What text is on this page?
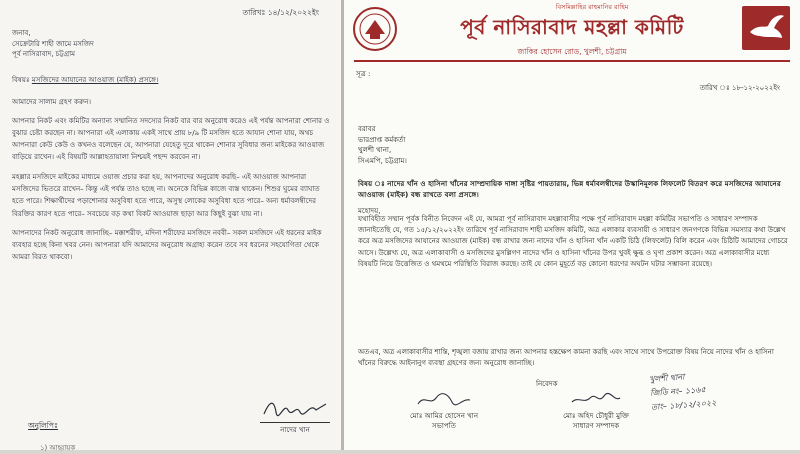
তারিখঃ ১৪/১২/২০২২ইং
জনাব,
সেক্রেটারি শাহী জামে মসজিদ
পূর্ব নাসিরাবাদ, চট্টগ্রাম
বিষয়ঃ মসজিদের আযানের আওয়াজ (মাইক) প্রসঙ্গে।
আমাদের সালাম গ্রহণ করুন।
আপনার নিকট এবং কমিটির অন্যান্য সম্মানিত সদস্যের নিকট বার বার অনুরোধ করেও এই পর্যন্ত আপনারা শোনার ও বুঝার চেষ্টা করছেন না। আপনারা এই এলাকায় একই সাথে প্রায় ৮/৯ টি মসজিদ হতে আযান শোনা যায়, অথচ আপনারা কেউ কেউ ও কখনও বলেছেন যে, আপনারা যেহেতু দূরে থাকেন শোনার সুবিধার জন্য মাইকের আওয়াজ বাড়িয়ে রাখেন। এই বিষয়টি আল্লাহতায়ালা নিশ্চয়ই পছন্দ করবেন না।
মহল্লার মসজিদে মাইকের মাধ্যমে ওয়াজ প্রচার করা হয়, আপনাদের অনুরোধ করছি– এই আওয়াজ আপনারা মসজিদের ভিতরে রাখেন– কিন্তু এই পর্যন্ত তাও হচ্ছে না। অনেকে বিভিন্ন কাজে ব্যস্ত থাকেন। শিশুর ঘুমের ব্যাঘাত হতে পারে। শিক্ষার্থীদের পড়াশোনার অসুবিধা হতে পারে, অসুস্থ লোকের অসুবিধা হতে পারে– অন্য ধর্মাবলম্বীদের বিরক্তির কারণ হতে পারে– সবচেয়ে বড় কথা বিকট আওয়াজ ছাড়া আর কিছুই বুঝা যায় না।
আপনাদের নিকট অনুরোধ জানাচ্ছি– মক্কাশরীফ, মদিনা শরীফের মসজিদে নববী– সকল মসজিদে এই ধরনের মাইক ব্যবহার হচ্ছে কিনা খবর নেন। আপনারা যদি আমাদের অনুরোধ অগ্রাহ্য করেন তবে সব ধরনের সহযোগিতা থেকে আমরা বিরত থাকবো।
নাদের খান
অনুলিপিঃ
১) আহ্বায়ক
বিসমিল্লাহির রাহমানির রাহিম
পূর্ব নাসিরাবাদ মহল্লা কমিটি
জাকির হোসেন রোড, খুলশী, চট্টগ্রাম
সূত্র :
তারিখ ঃ ১৮-১২-২০২২ইং
বরাবর
ভারপ্রাপ্ত কর্মকর্তা
খুলশী থানা,
সিএমপি, চট্টগ্রাম।
বিষয় ঃ নাদের খাঁন ও হাসিনা খাঁনের সাম্প্রদায়িক দাঙ্গা সৃষ্টির পায়তারায়, ভিন্ন ধর্মাবলম্বীদের উস্কানিমূলক লিফলেট বিতরণ করে মসজিদের আযানের আওয়াজ (মাইক) বন্ধ রাখতে বলা প্রসঙ্গে।
মহোদয়,
যথাবিহীত সম্মান পূর্বক বিনীত নিবেদন এই যে, আমরা পূর্ব নাসিরাবাদ মহল্লাবাসীর পক্ষে পূর্ব নাসিরাবাদ মহল্লা কমিটির সভাপতি ও সাধারণ সম্পাদক জানাইতেছি যে, গত ১৫/১২/২০২২ইং তারিখে পূর্ব নাসিরাবাদ শাহী মসজিদ কমিটি, অত্র এলাকার ব্যবসায়ী ও সাধারণ জনগণকে বিভিন্ন সমস্যার কথা উল্লেখ করে অত্র মসজিদের আযানের আওয়াজ (মাইক) বন্ধ রাখার জন্য নাদের খাঁন ও হাসিনা খাঁন একটি চিঠি (লিফলেট) বিলি করেন এবং চিঠিটি আমাদের গোচরে আসে। উল্লেখ্য যে, অত্র এলাকাবাসী ও মসজিদের মুসল্লিগণ নাদের খাঁন ও হাসিনা খাঁনের উপর খুবই ক্ষুব্ধ ও ঘৃণা প্রকাশ করেন। অত্র এলাকাবাসীর মধ্যে বিষয়টি নিয়ে উত্তেজিত ও থমথমে পরিস্থিতি বিরাজ করছে। তাই যে কোন মুহূর্তে বড় কোনো ধরণের অঘটন ঘটার সম্ভাবনা রয়েছে।
অতএব, অত্র এলাকাবাসীর শান্তি, শৃঙ্খলা বজায় রাখার জন্য আপনার হস্তক্ষেপ কামনা করছি এবং সাথে সাথে উপরোক্ত বিষয় নিয়ে নাদের খাঁন ও হাসিনা খাঁনের বিরুদ্ধে আইনানুগ ব্যবস্থা গ্রহণের জন্য অনুরোধ জানাচ্ছি।
নিবেদক
মোঃ আমির হোসেন খান
সভাপতি
মোঃ অহিদ চৌধুরী মুক্তি
সাধারণ সম্পাদক
খুলশী থানা
জিডি নং– ১১৬৫
তাং– ১৮/১২/২০২২
